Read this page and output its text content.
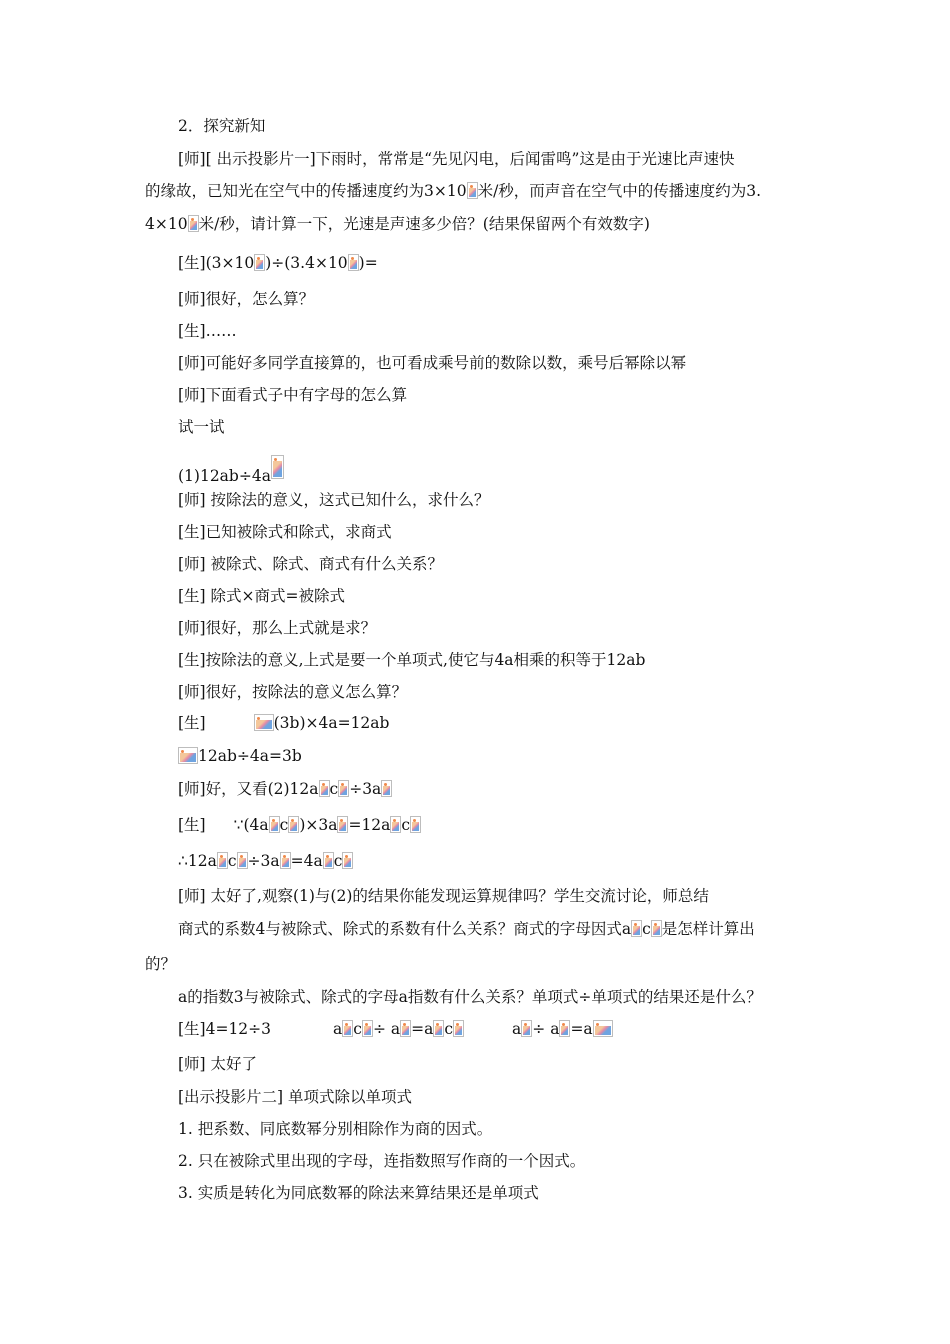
2．探究新知
[师][ 出示投影片一]下雨时，常常是“先见闪电，后闻雷鸣”这是由于光速比声速快
的缘故，已知光在空气中的传播速度约为3×10 米/秒，而声音在空气中的传播速度约为3.
4×10 米/秒，请计算一下，光速是声速多少倍？(结果保留两个有效数字)
[生](3×10 )÷(3.4×10 )=
[师]很好，怎么算？
[生]……
[师]可能好多同学直接算的，也可看成乘号前的数除以数，乘号后幂除以幂
[师]下面看式子中有字母的怎么算
试一试
(1)12ab÷4a
[师] 按除法的意义，这式已知什么，求什么？
[生]已知被除式和除式，求商式
[师] 被除式、除式、商式有什么关系？
[生] 除式×商式=被除式
[师]很好，那么上式就是求？
[生]按除法的意义,上式是要一个单项式,使它与4a相乘的积等于12ab
[师]很好，按除法的意义怎么算？
[生]	(3b)×4a=12ab
12ab÷4a=3b
[师]好，又看(2)12a c ÷3a
[生] ∵(4a c )×3a =12a c
∴12a c ÷3a =4a c
[师] 太好了,观察(1)与(2)的结果你能发现运算规律吗？学生交流讨论，师总结
商式的系数4与被除式、除式的系数有什么关系？商式的字母因式a c 是怎样计算出
的？
a的指数3与被除式、除式的字母a指数有什么关系？单项式÷单项式的结果还是什么？
[生]4=12÷3	a c ÷ a =a c	a ÷ a =a
[师] 太好了
[出示投影片二] 单项式除以单项式
1. 把系数、同底数幂分别相除作为商的因式。
2. 只在被除式里出现的字母，连指数照写作商的一个因式。
3. 实质是转化为同底数幂的除法来算结果还是单项式
